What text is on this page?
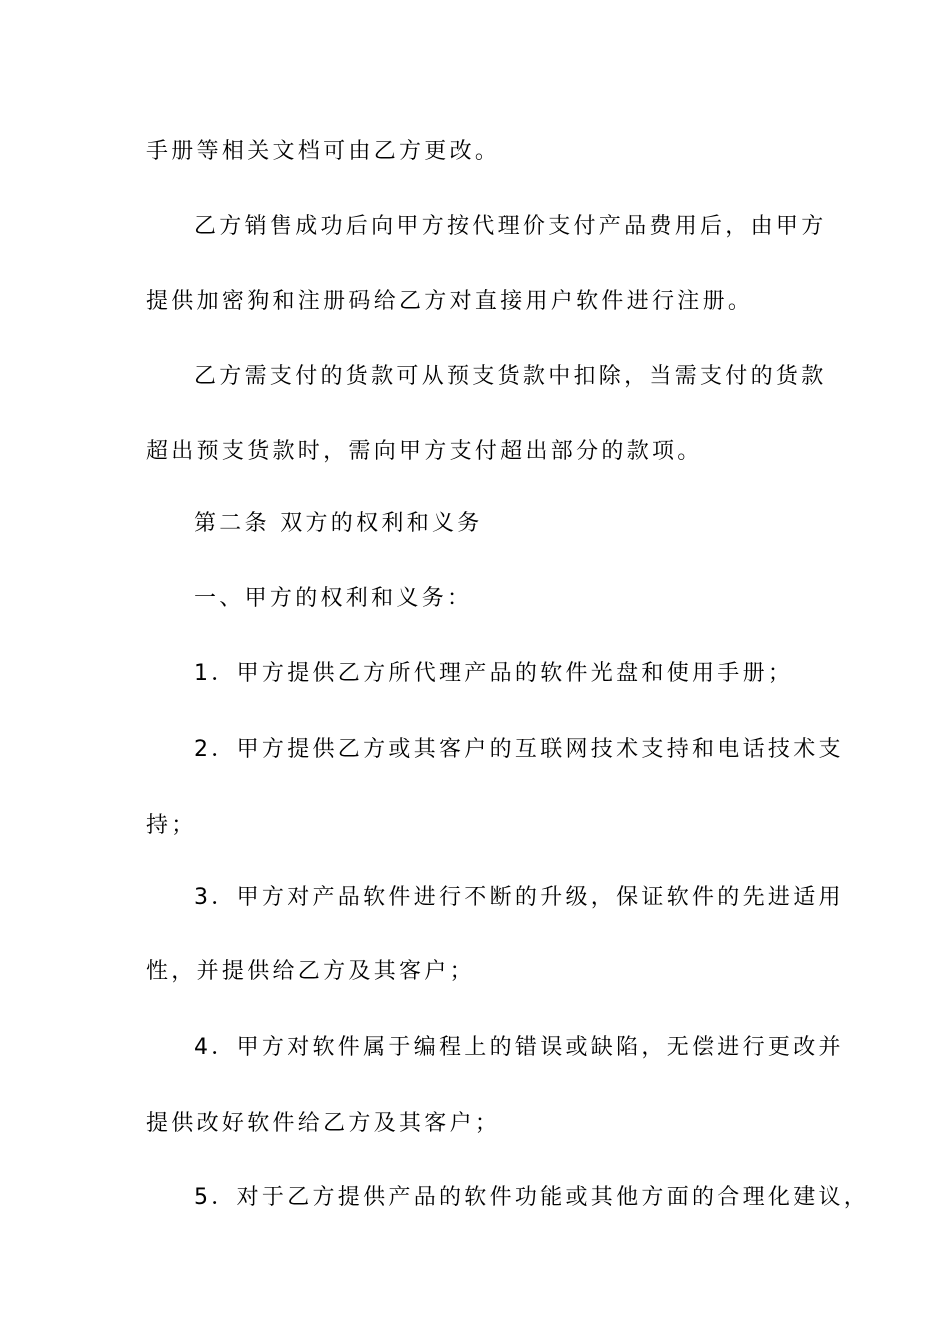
手册等相关文档可由乙方更改。
乙方销售成功后向甲方按代理价支付产品费用后，由甲方
提供加密狗和注册码给乙方对直接用户软件进行注册。
乙方需支付的货款可从预支货款中扣除，当需支付的货款
超出预支货款时，需向甲方支付超出部分的款项。
第二条 双方的权利和义务
一、甲方的权利和义务：
1．甲方提供乙方所代理产品的软件光盘和使用手册；
2．甲方提供乙方或其客户的互联网技术支持和电话技术支
持；
3．甲方对产品软件进行不断的升级，保证软件的先进适用
性，并提供给乙方及其客户；
4．甲方对软件属于编程上的错误或缺陷，无偿进行更改并
提供改好软件给乙方及其客户；
5．对于乙方提供产品的软件功能或其他方面的合理化建议，
